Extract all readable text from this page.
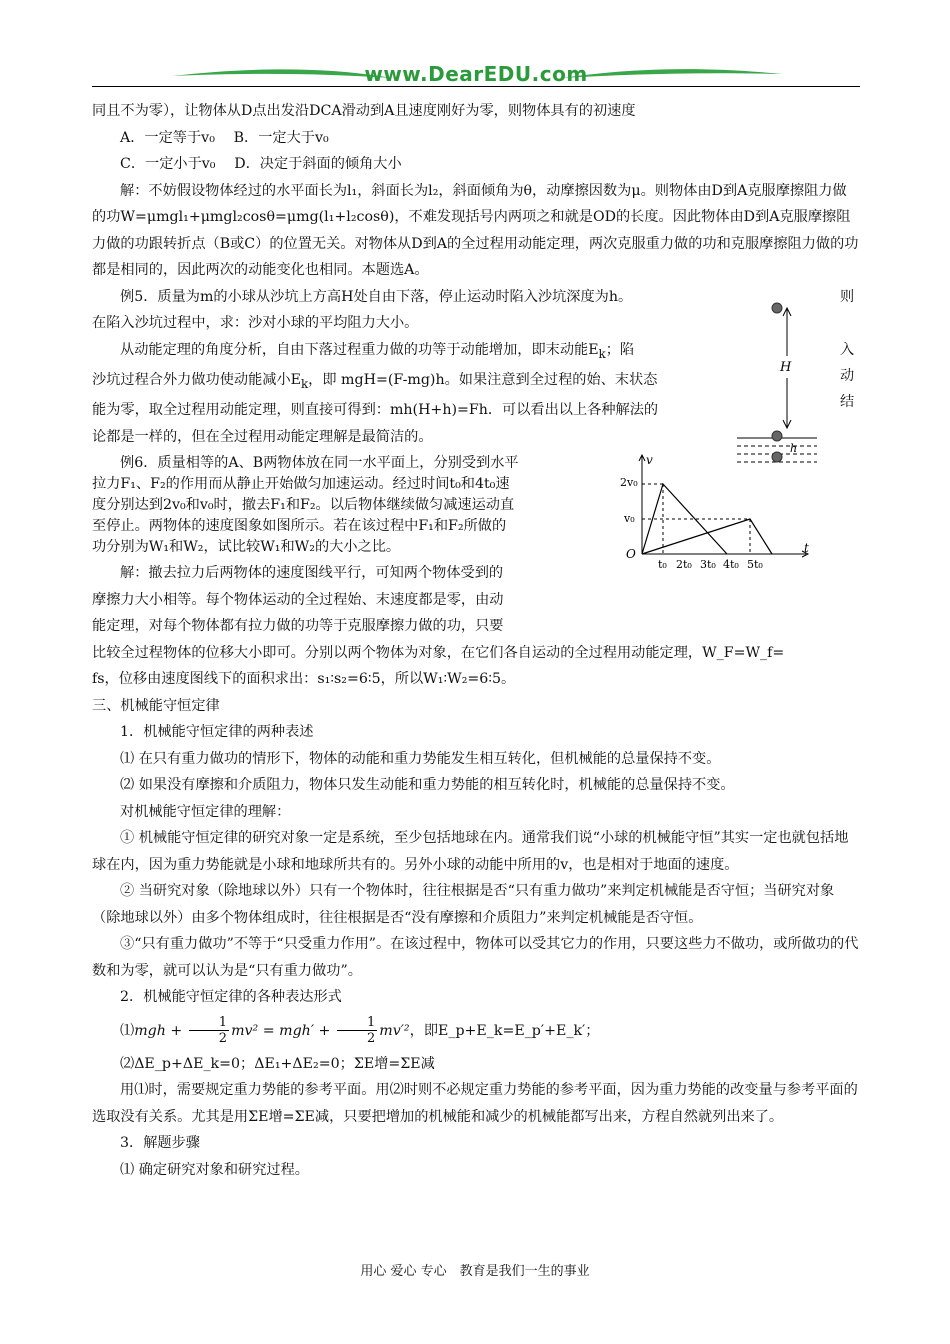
www.DearEDU.com

同且不为零），让物体从D点出发沿DCA滑动到A且速度刚好为零，则物体具有的初速度

A．一定等于v₀　 B．一定大于v₀

C．一定小于v₀　 D．决定于斜面的倾角大小

解：不妨假设物体经过的水平面长为l₁，斜面长为l₂，斜面倾角为θ，动摩擦因数为μ。则物体由D到A克服摩擦阻力做的功W=μmgl₁+μmgl₂cosθ=μmg(l₁+l₂cosθ)，不难发现括号内两项之和就是OD的长度。因此物体由D到A克服摩擦阻力做的功跟转折点（B或C）的位置无关。对物体从D到A的全过程用动能定理，两次克服重力做的功和克服摩擦阻力做的功都是相同的，因此两次的动能变化也相同。本题选A。

例5．质量为m的小球从沙坑上方高H处自由下落，停止运动时陷入沙坑深度为h。

在陷入沙坑过程中，求：沙对小球的平均阻力大小。

从动能定理的角度分析，自由下落过程重力做的功等于动能增加，即末动能$E_k$；陷

沙坑过程合外力做功使动能减小$E_k$，即 mgH=(F-mg)h。如果注意到全过程的始、末状态

能为零，取全过程用动能定理，则直接可得到：mh(H+h)=Fh．可以看出以上各种解法的

论都是一样的，但在全过程用动能定理解是最简洁的。

例6．质量相等的A、B两物体放在同一水平面上，分别受到水平

拉力F₁、F₂的作用而从静止开始做匀加速运动。经过时间t₀和4t₀速

度分别达到2v₀和v₀时，撤去F₁和F₂。以后物体继续做匀减速运动直

至停止。两物体的速度图象如图所示。若在该过程中F₁和F₂所做的

功分别为W₁和W₂，试比较W₁和W₂的大小之比。

解：撤去拉力后两物体的速度图线平行，可知两个物体受到的

摩擦力大小相等。每个物体运动的全过程始、末速度都是零，由动

能定理，对每个物体都有拉力做的功等于克服摩擦力做的功，只要

比较全过程物体的位移大小即可。分别以两个物体为对象，在它们各自运动的全过程用动能定理，W_F=W_f=

fs，位移由速度图线下的面积求出：s₁∶s₂=6∶5，所以W₁∶W₂=6∶5。

三、机械能守恒定律

1．机械能守恒定律的两种表述

⑴ 在只有重力做功的情形下，物体的动能和重力势能发生相互转化，但机械能的总量保持不变。

⑵ 如果没有摩擦和介质阻力，物体只发生动能和重力势能的相互转化时，机械能的总量保持不变。

对机械能守恒定律的理解：

① 机械能守恒定律的研究对象一定是系统，至少包括地球在内。通常我们说“小球的机械能守恒”其实一定也就包括地球在内，因为重力势能就是小球和地球所共有的。另外小球的动能中所用的v，也是相对于地面的速度。

② 当研究对象（除地球以外）只有一个物体时，往往根据是否“只有重力做功”来判定机械能是否守恒；当研究对象（除地球以外）由多个物体组成时，往往根据是否“没有摩擦和介质阻力”来判定机械能是否守恒。

③“只有重力做功”不等于“只受重力作用”。在该过程中，物体可以受其它力的作用，只要这些力不做功，或所做功的代数和为零，就可以认为是“只有重力做功”。

2．机械能守恒定律的各种表达形式

⑴mgh + $\frac{1}{2} mv^2 = mgh' + \frac{1}{2} mv'^2$，即E_p+E_k=E_p′+E_k′；

⑵ΔE_p+ΔE_k=0；ΔE₁+ΔE₂=0；ΣE增=ΣE减

用⑴时，需要规定重力势能的参考平面。用⑵时则不必规定重力势能的参考平面，因为重力势能的改变量与参考平面的选取没有关系。尤其是用ΣE增=ΣE减，只要把增加的机械能和减少的机械能都写出来，方程自然就列出来了。

3．解题步骤

⑴ 确定研究对象和研究过程。

则
入
动
结
H
h
v
t
O
2v₀
v₀
t₀ 2t₀ 3t₀ 4t₀ 5t₀
用心 爱心 专心　教育是我们一生的事业
